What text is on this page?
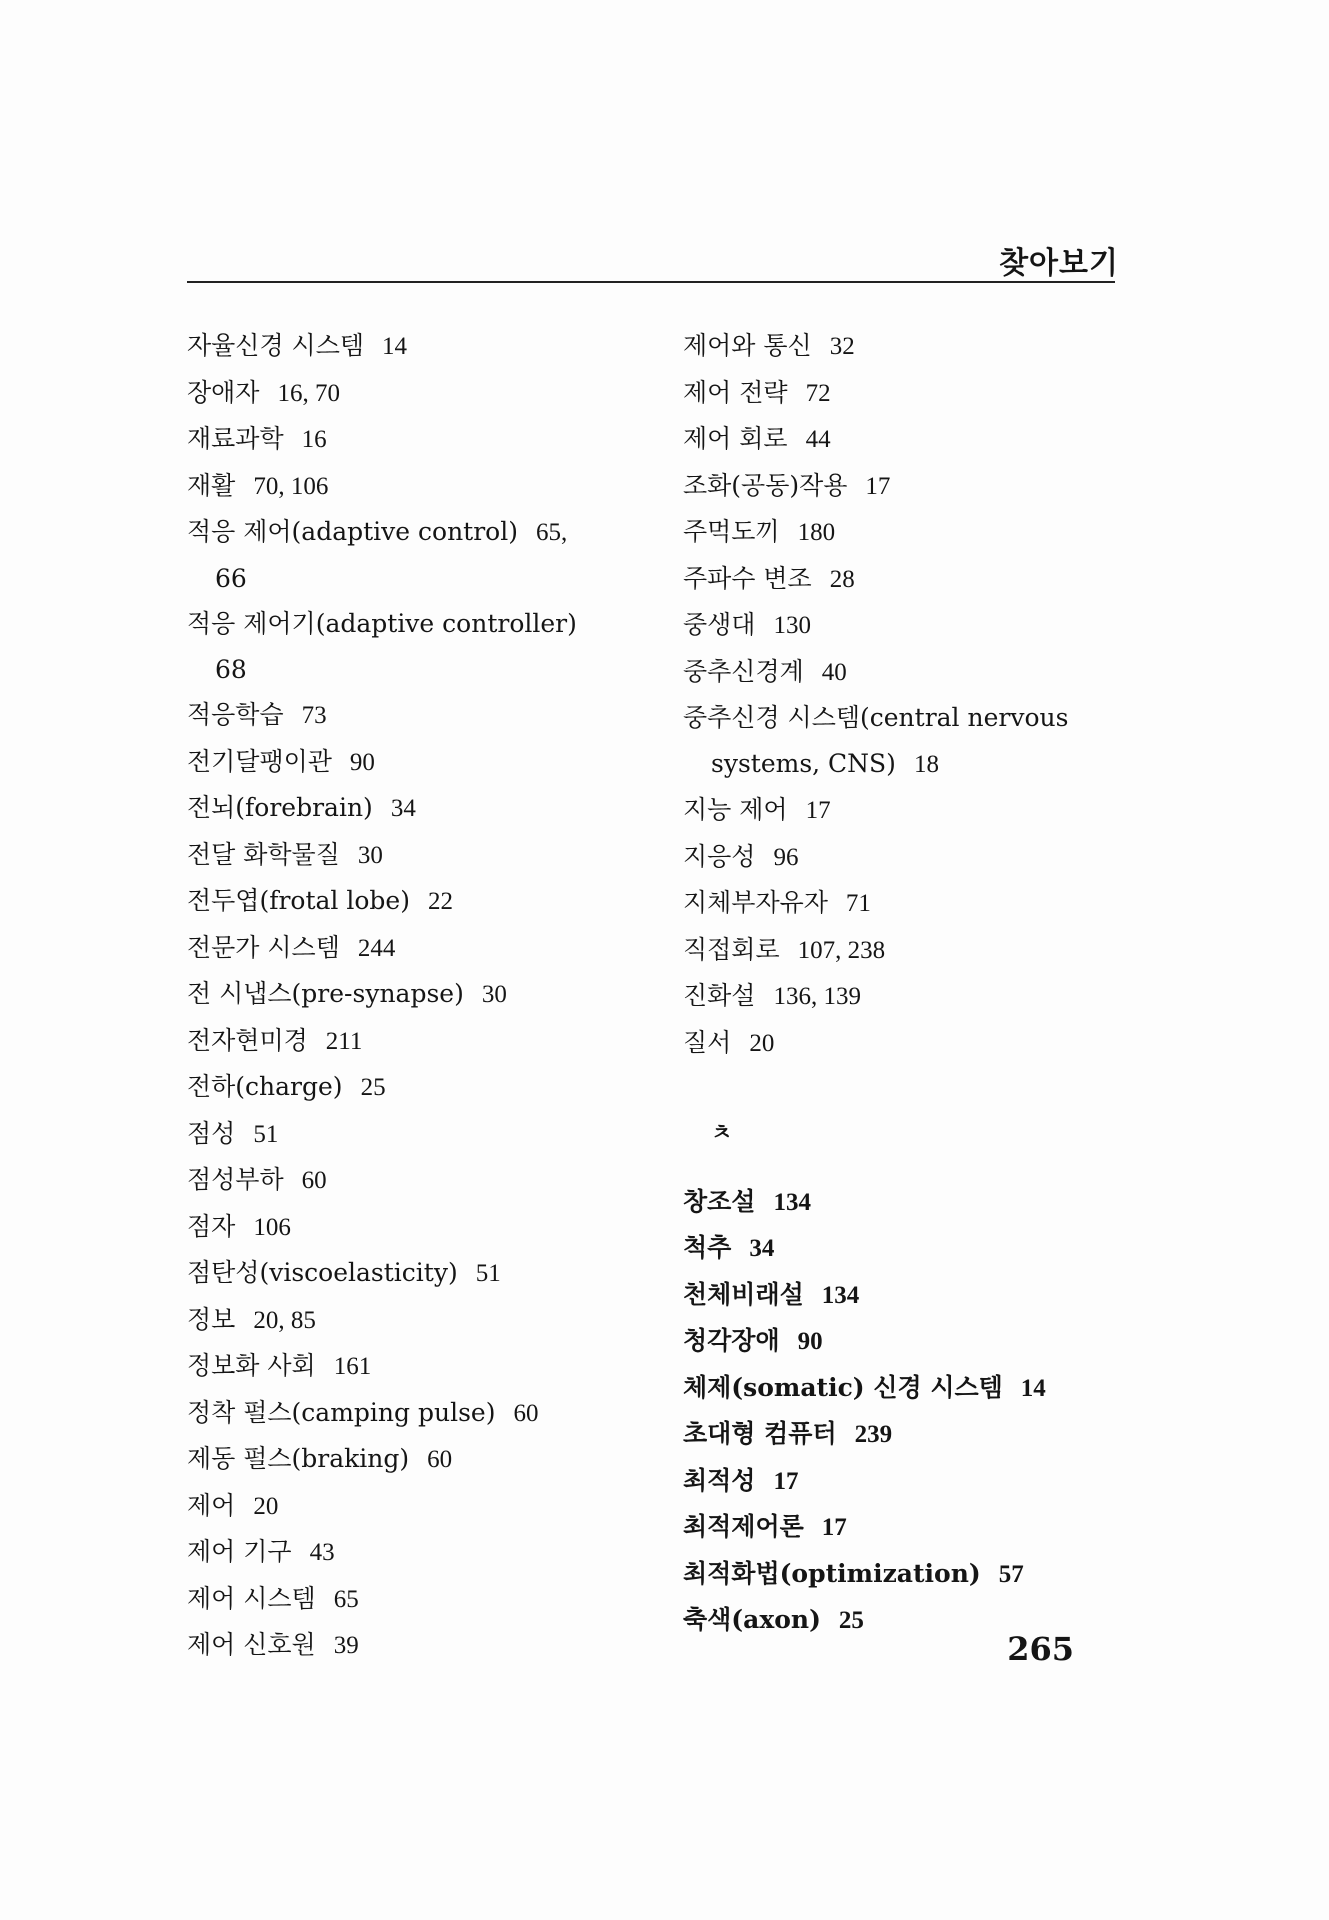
찾아보기
자율신경 시스템 14
장애자 16, 70
재료과학 16
재활 70, 106
적응 제어(adaptive control) 65,
66
적응 제어기(adaptive controller)
68
적응학습 73
전기달팽이관 90
전뇌(forebrain) 34
전달 화학물질 30
전두엽(frotal lobe) 22
전문가 시스템 244
전 시냅스(pre-synapse) 30
전자현미경 211
전하(charge) 25
점성 51
점성부하 60
점자 106
점탄성(viscoelasticity) 51
정보 20, 85
정보화 사회 161
정착 펄스(camping pulse) 60
제동 펄스(braking) 60
제어 20
제어 기구 43
제어 시스템 65
제어 신호원 39
제어와 통신 32
제어 전략 72
제어 회로 44
조화(공동)작용 17
주먹도끼 180
주파수 변조 28
중생대 130
중추신경계 40
중추신경 시스템(central nervous
systems, CNS) 18
지능 제어 17
지응성 96
지체부자유자 71
직접회로 107, 238
진화설 136, 139
질서 20
ㅊ
창조설 134
척추 34
천체비래설 134
청각장애 90
체제(somatic) 신경 시스템 14
초대형 컴퓨터 239
최적성 17
최적제어론 17
최적화법(optimization) 57
축색(axon) 25
265
